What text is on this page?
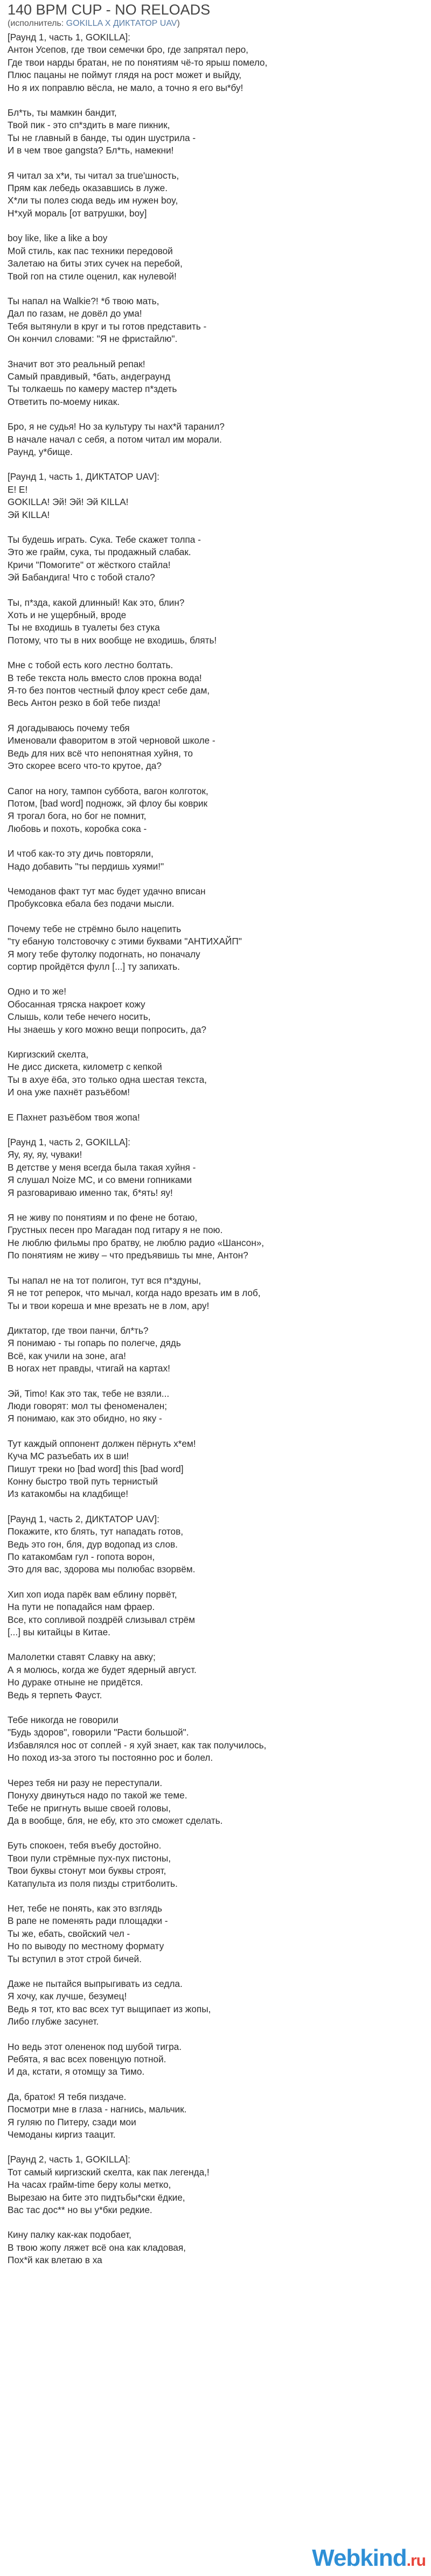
140 BPM CUP - NO RELOADS
(исполнитель: GOKILLA X ДИКТАТОР UAV)
[Раунд 1, часть 1, GOKILLA]:
Антон Усепов, где твои семечки бро, где запрятал перо,
Где твои нарды братан, не по понятиям чё-то ярыш помело,
Плюс пацаны не поймут глядя на рост может и выйду,
Но я их поправлю вёсла, не мало, а точно я его вы*бу!
Бл*ть, ты мамкин бандит,
Твой пик - это сп*здить в маге пикник,
Ты не главный в банде, ты один шустрила -
И в чем твое gangsta? Бл*ть, намекни!
Я читал за х*и, ты читал за true'шность,
Прям как лебедь оказавшись в луже.
Х*ли ты полез сюда ведь им нужен boy,
Н*хуй мораль [от ватрушки, boy]
boy like, like a like a boy
Мой стиль, как пас техники передовой
Залетаю на биты этих сучек на перебой,
Твой гоп на стиле оценил, как нулевой!
Ты напал на Walkie?! *б твою мать,
Дал по газам, не довёл до ума!
Тебя вытянули в круг и ты готов представить -
Он кончил словами: "Я не фристайлю".
Значит вот это реальный репак!
Самый правдивый, *бать, андеграунд
Ты толкаешь по камеру мастер п*здеть
Ответить по-моему никак.
Бро, я не судья! Но за культуру ты нах*й таранил?
В начале начал с себя, а потом читал им морали.
Раунд, у*бище.
[Раунд 1, часть 1, ДИКТАТОР UAV]:
Е! Е!
GOKILLA! Эй! Эй! Эй KILLA!
Эй KILLA!
Ты будешь играть. Сука. Тебе скажет толпа -
Это же грайм, сука, ты продажный слабак.
Кричи "Помогите" от жёсткого стайла!
Эй Бабандига! Что с тобой стало?
Ты, п*здa, какой длинный! Как это, блин?
Хоть и не ущербный, вроде
Ты не входишь в туалеты без стука
Потому, что ты в них вообще не входишь, блять!
Мне с тобой есть кого лестно болтать.
В тебе текста ноль вместо слов прокна вода!
Я-то без понтов честный флоу крест себе дам,
Весь Антон резко в бой тебе пизда!
Я догадываюсь почему тебя
Именовали фаворитом в этой черновой школе -
Ведь для них всё что непонятная хуйня, то
Это скорее всего что-то крутое, да?
Сапог на ногу, тампон суббота, вагон колготок,
Потом, [bad word] подножк, эй флоу бы коврик
Я трогал бога, но бог не помнит,
Любовь и похоть, коробка сока -
И чтоб как-то эту дичь повторяли,
Надо добавить "ты пердишь хуями!"
Чемоданов факт тут мас будет удачно вписан
Пробуксовка ебала без подачи мысли.
Почему тебе не стрёмно было нацепить
"ту ебаную толстовочку с этими буквами "АНТИХАЙП"
Я могу тебе футолку подогнать, но поначалу
сортир пройдётся фулл [...] ту запихать.
Одно и то же!
Обосанная тряска накроет кожу
Слышь, коли тебе нечего носить,
Ны знаешь у кого можно вещи попросить, да?
Киргизский скелта,
Не дисс дискета, километр с кепкой
Ты в ахуе ёба, это только одна шестая текста,
И она уже пахнёт разъёбом!
Е Пахнет разъёбом твоя жопа!
[Раунд 1, часть 2, GOKILLA]:
Яу, яу, яу, чуваки!
В детстве у меня всегда была такая хуйня -
Я слушал Noize MC, и со вмени гопниками
Я разговариваю именно так, б*ять! яу!
Я не живу по понятиям и по фене не ботаю,
Грустных песен про Магадан под гитару я не пою.
Не люблю фильмы про братву, не люблю радио «Шансон»,
По понятиям не живу – что предъявишь ты мне, Антон?
Ты напал не на тот полигон, тут вся п*здуны,
Я не тот реперок, что мычал, когда надо врезать им в лоб,
Ты и твои кореша и мне врезать не в лом, ару!
Диктатор, где твои панчи, бл*ть?
Я понимаю - ты гопарь по полегче, дядь
Всё, как учили на зоне, ага!
В ногах нет правды, чтигай на картах!
Эй, Timo! Как это так, тебе не взяли...
Люди говорят: мол ты феноменален;
Я понимаю, как это обидно, но яку -
Тут каждый оппонент должен пёрнуть х*ем!
Куча МС разъебать их в ши!
Пишут треки но [bad word] this [bad word]
Конну быстро твой путь тернистый
Из катакомбы на кладбище!
[Раунд 1, часть 2, ДИКТАТОР UAV]:
Покажите, кто блять, тут нападать готов,
Ведь это гон, бля, дур водопад из слов.
По катакомбам гул - гопота ворон,
Это для вас, здорова мы полюбас взорвём.
Хип хоп иода парёк вам еблину порвёт,
На пути не попадайся нам фраер.
Все, кто сопливой поздрёй слизывал стрём
[...] вы китайцы в Китае.
Малолетки ставят Славку на авку;
А я молюсь, когда же будет ядерный август.
Но дураке отныне не придётся.
Ведь я терпеть Фауст.
Тебе никогда не говорили
"Будь здоров", говорили "Расти большой".
Избавлялся нос от соплей - я хуй знает, как так получилось,
Но поход из-за этого ты постоянно рос и болел.
Через тебя ни разу не переступали.
Понуху двинуться надо по такой же теме.
Тебе не пригнуть выше своей головы,
Да в вообще, бля, не ебу, кто это сможет сделать.
Буть спокоен, тебя въебу достойно.
Твои пули стрёмные пух-пух пистоны,
Твои буквы стонут мои буквы строят,
Катапульта из поля пизды стритболить.
Нет, тебе не понять, как это взглядь
В рапе не поменять ради площадки -
Ты же, ебать, свойский чел -
Но по выводу по местному формату
Ты вступил в этот строй бичей.
Даже не пытайся выпрыгивать из седла.
Я хочу, как лучше, безумец!
Ведь я тот, кто вас всех тут выщипает из жопы,
Либо глубже засунет.
Но ведь этот олененок под шубой тигра.
Ребята, я вас всех повенцую потной.
И да, кстати, я отомщу за Тимо.
Да, браток! Я тебя пиздачe.
Посмотри мне в глаза - нагнись, мальчик.
Я гуляю по Питеру, сзади мои
Чемоданы киргиз таацит.
[Раунд 2, часть 1, GOKILLA]:
Тот самый киргизский скелта, как пак легенда,!
На часах грайм-time беру колы метко,
Вырезаю на бите это пидтьбы*ски ёдкие,
Вас тас дос** но вы у*бки редкие.
Кину палку как-как подобает,
В твою жопу ляжет всё она как кладовая,
Пох*й как влетаю в ха
Webkind.ru
